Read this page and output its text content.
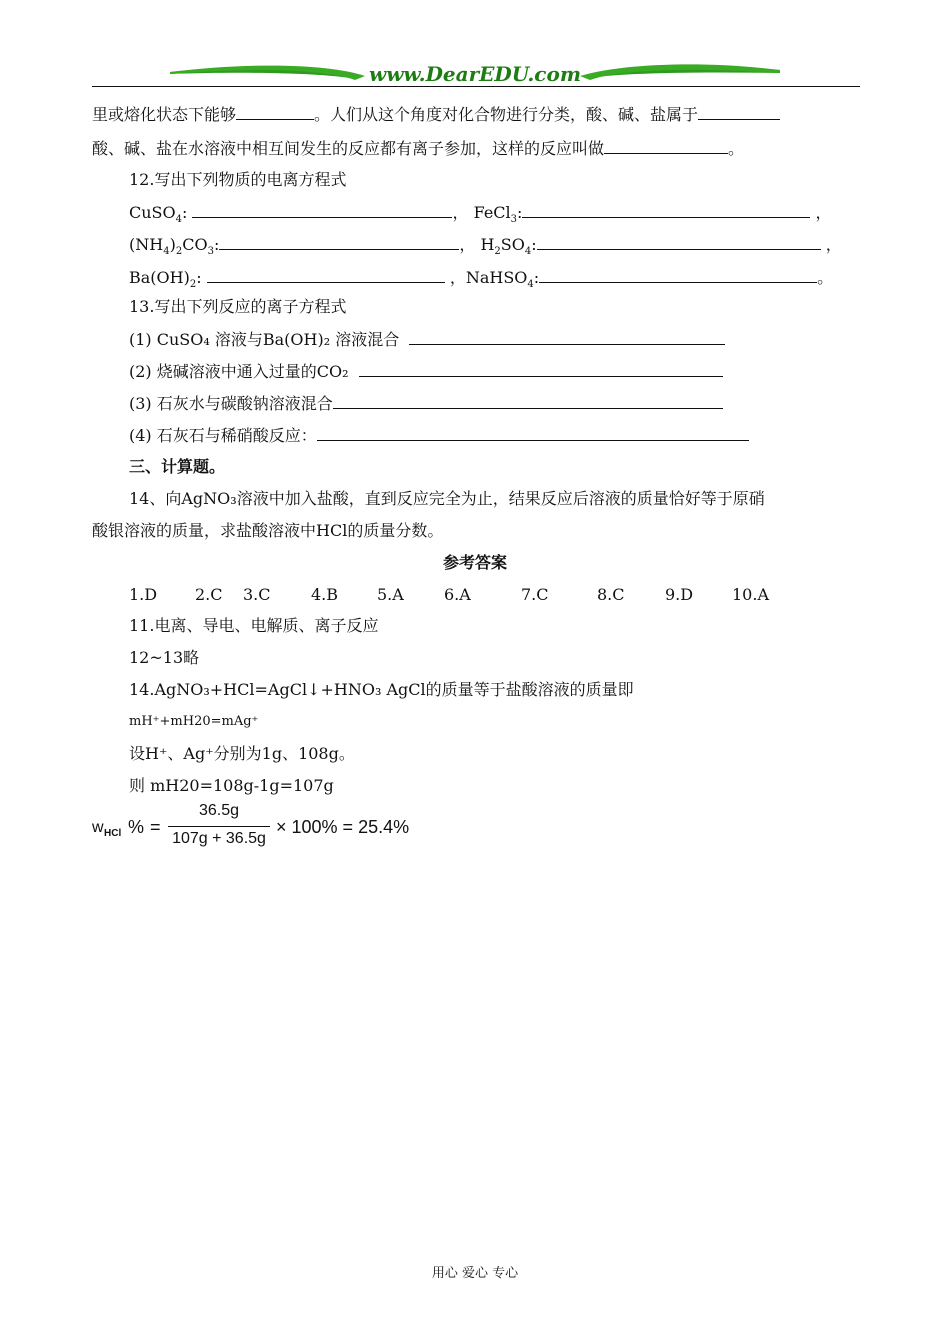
www.DearEDU.com
里或熔化状态下能够	。人们从这个角度对化合物进行分类，酸、碱、盐属于
酸、碱、盐在水溶液中相互间发生的反应都有离子参加，这样的反应叫做	。
12.写出下列物质的电离方程式
CuSO$_4$:	， FeCl$_3$:	，
$(NH_4)_2CO_3$:	， $H_2SO_4$:	，
$Ba(OH)_2$:	，NaHSO$_4$:	。
13.写出下列反应的离子方程式
(1) CuSO₄ 溶液与Ba(OH)₂ 溶液混合
(2) 烧碱溶液中通入过量的CO₂
(3) 石灰水与碳酸钠溶液混合
(4) 石灰石与稀硝酸反应：
三、计算题。
14、向AgNO₃溶液中加入盐酸，直到反应完全为止，结果反应后溶液的质量恰好等于原硝
酸银溶液的质量，求盐酸溶液中HCl的质量分数。
参考答案
1.D 2.C 3.C	4.B 5.A	6.A	7.C	8.C	9.D 10.A
11.电离、导电、电解质、离子反应
12~13略
14.AgNO₃+HCl=AgCl↓+HNO₃ AgCl的质量等于盐酸溶液的质量即
mH⁺+mH20=mAg⁺
设H⁺、Ag⁺分别为1g、108g。
则 mH20=108g-1g=107g
w HCl % =
36.5g
107g + 36.5g
× 100% = 25.4%
用心 爱心 专心
